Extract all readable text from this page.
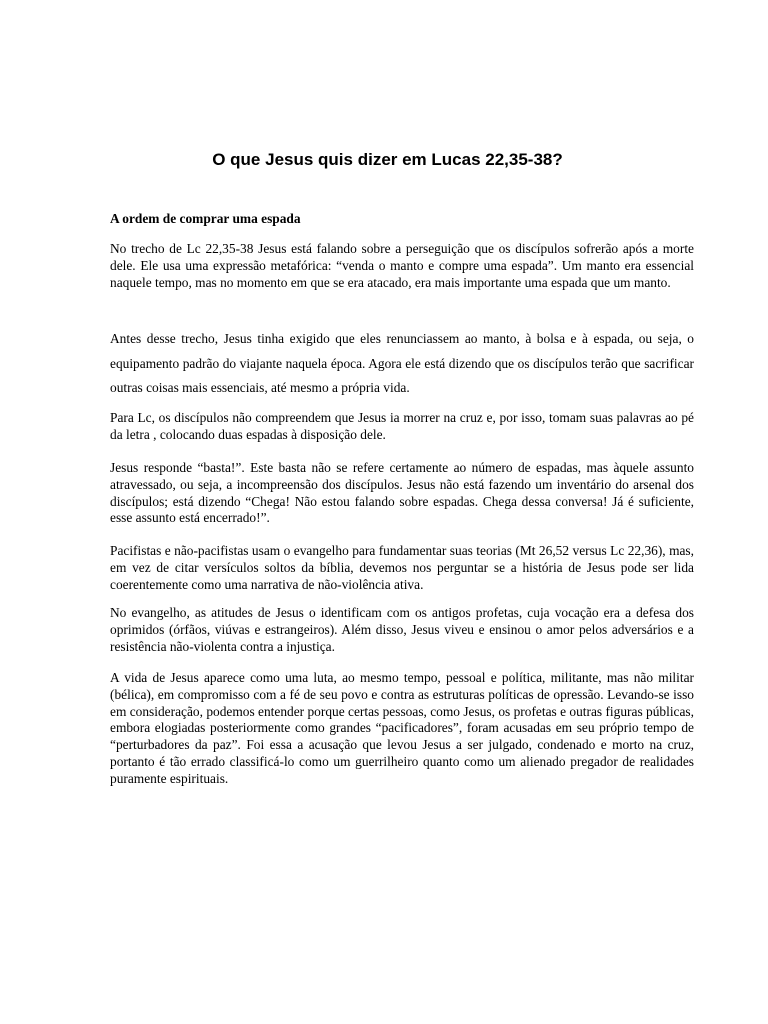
O que Jesus quis dizer em Lucas 22,35-38?
A ordem de comprar uma espada

No trecho de Lc 22,35-38 Jesus está falando sobre a perseguição que os discípulos sofrerão após a morte dele. Ele usa uma expressão metafórica: “venda o manto e compre uma espada”. Um manto era essencial naquele tempo, mas no momento em que se era atacado, era mais importante uma espada que um manto.

Antes desse trecho, Jesus tinha exigido que eles renunciassem ao manto, à bolsa e à espada, ou seja, o equipamento padrão do viajante naquela época. Agora ele está dizendo que os discípulos terão que sacrificar outras coisas mais essenciais, até mesmo a própria vida.

Para Lc, os discípulos não compreendem que Jesus ia morrer na cruz e, por isso, tomam suas palavras ao pé da letra , colocando duas espadas à disposição dele.

Jesus responde “basta!”. Este basta não se refere certamente ao número de espadas, mas àquele assunto atravessado, ou seja, a incompreensão dos discípulos. Jesus não está fazendo um inventário do arsenal dos discípulos; está dizendo “Chega! Não estou falando sobre espadas. Chega dessa conversa! Já é suficiente, esse assunto está encerrado!”.

Pacifistas e não-pacifistas usam o evangelho para fundamentar suas teorias (Mt 26,52 versus Lc 22,36), mas, em vez de citar versículos soltos da bíblia, devemos nos perguntar se a história de Jesus pode ser lida coerentemente como uma narrativa de não-violência ativa.

No evangelho, as atitudes de Jesus o identificam com os antigos profetas, cuja vocação era a defesa dos oprimidos (órfãos, viúvas e estrangeiros). Além disso, Jesus viveu e ensinou o amor pelos adversários e a resistência não-violenta contra a injustiça.

A vida de Jesus aparece como uma luta, ao mesmo tempo, pessoal e política, militante, mas não militar (bélica), em compromisso com a fé de seu povo e contra as estruturas políticas de opressão. Levando-se isso em consideração, podemos entender porque certas pessoas, como Jesus, os profetas e outras figuras públicas, embora elogiadas posteriormente como grandes “pacificadores”, foram acusadas em seu próprio tempo de “perturbadores da paz”. Foi essa a acusação que levou Jesus a ser julgado, condenado e morto na cruz, portanto é tão errado classificá-lo como um guerrilheiro quanto como um alienado pregador de realidades puramente espirituais.
